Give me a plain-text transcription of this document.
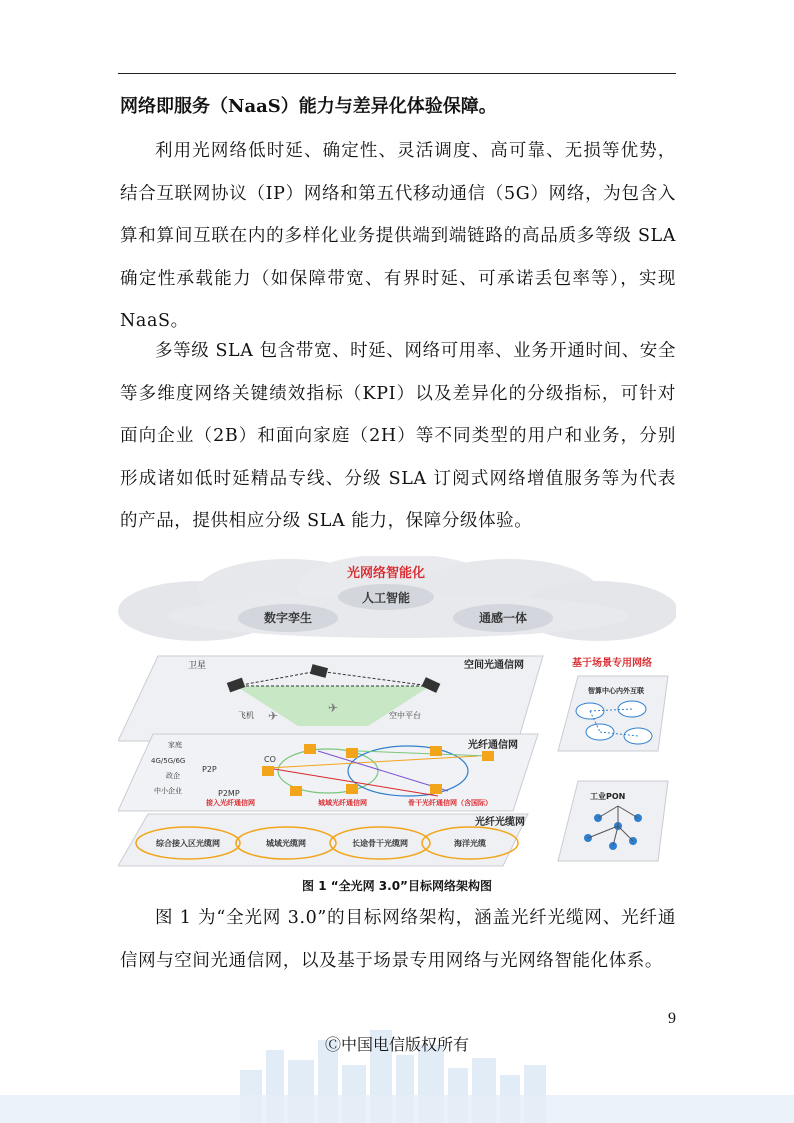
网络即服务（NaaS）能力与差异化体验保障。

利用光网络低时延、确定性、灵活调度、高可靠、无损等优势，结合互联网协议（IP）网络和第五代移动通信（5G）网络，为包含入算和算间互联在内的多样化业务提供端到端链路的高品质多等级 SLA 确定性承载能力（如保障带宽、有界时延、可承诺丢包率等），实现 NaaS。

多等级 SLA 包含带宽、时延、网络可用率、业务开通时间、安全等多维度网络关键绩效指标（KPI）以及差异化的分级指标，可针对面向企业（2B）和面向家庭（2H）等不同类型的用户和业务，分别形成诸如低时延精品专线、分级 SLA 订阅式网络增值服务等为代表的产品，提供相应分级 SLA 能力，保障分级体验。

光网络智能化
人工智能
数字孪生	通感一体
卫星	空间光通信网
飞机	空中平台
✈
✈
光纤通信网
家庭
4G/5G/6G
政企
中小企业
P2P
P2MP
CO
接入光纤通信网	城域光纤通信网	骨干光纤通信网（含国际）
光纤光缆网
综合接入区光缆网	城域光缆网	长途骨干光缆网	海洋光缆
基于场景专用网络
智算中心内外互联
工业PON
图 1 “全光网 3.0”目标网络架构图

图 1 为“全光网 3.0”的目标网络架构，涵盖光纤光缆网、光纤通信网与空间光通信网，以及基于场景专用网络与光网络智能化体系。

Ⓒ中国电信版权所有
9
